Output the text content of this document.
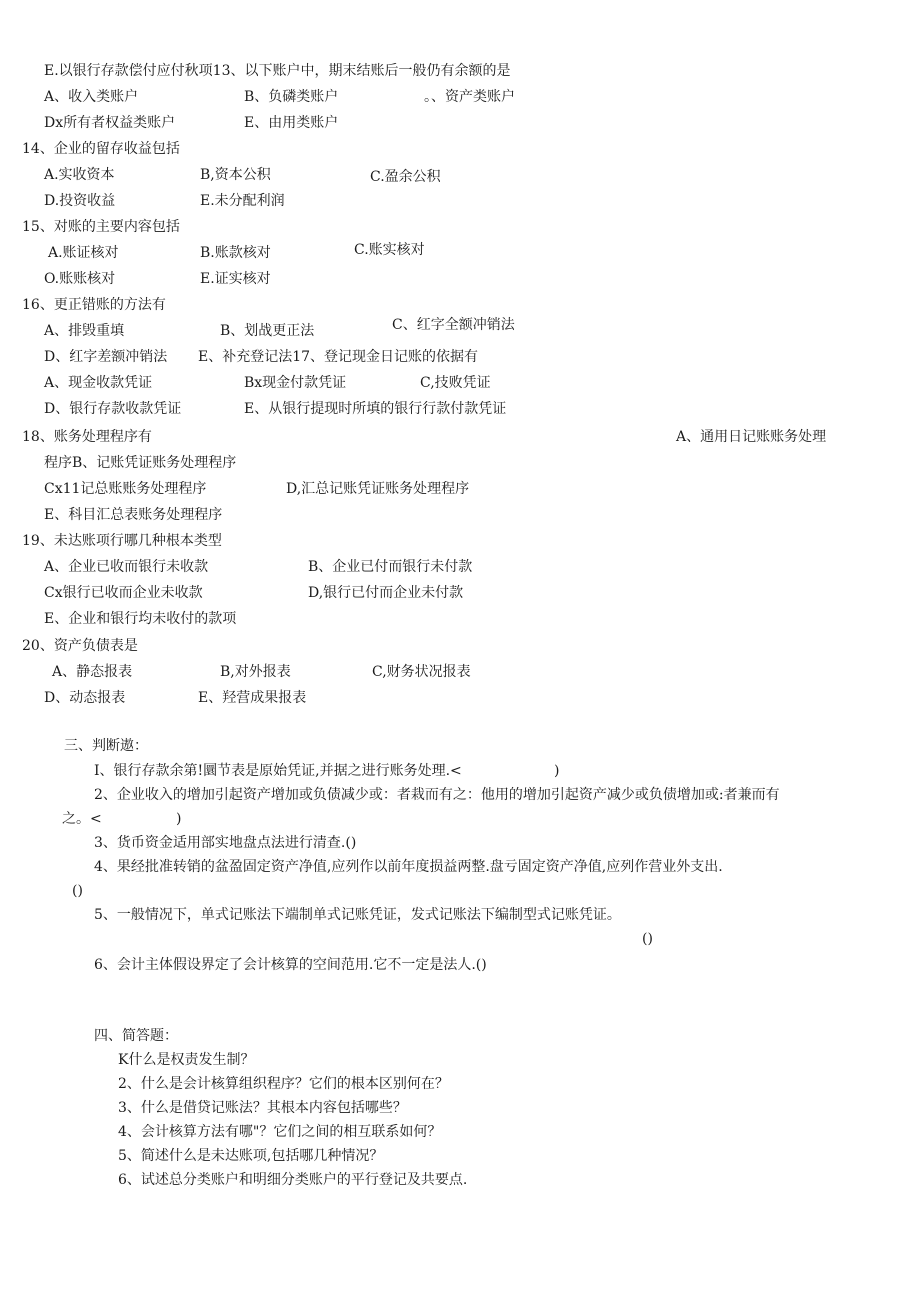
E.以银行存款偿付应付秋项13、以下账户中，期末结账后一般仍有余额的是
A、收入类账户	B、负磷类账户	。、资产类账户
Dx所有者权益类账户	E、由用类账户
14、企业的留存收益包括
A.实收资本	B,资本公积	C.盈余公积
D.投资收益	E.未分配利润
15、对账的主要内容包括
A.账证核对	B.账款核对	C.账实核对
O.账账核对	E.证实核对
16、更正错账的方法有
A、排毁重填	B、划战更正法	C、红字全额冲销法
D、红字差额冲销法 E、补充登记法17、登记现金日记账的依据有
A、现金收款凭证	Bx现金付款凭证	C,技败凭证
D、银行存款收款凭证	E、从银行提现时所填的银行行款付款凭证
18、账务处理程序有	A、通用日记账账务处理
程序B、记账凭证账务处理程序
Cx11记总账账务处理程序	D,汇总记账凭证账务处理程序
E、科目汇总表账务处理程序
19、未达账项行哪几种根本类型
A、企业已收而银行未收款	B、企业已付而银行未付款
Cx银行已收而企业未收款	D,银行已付而企业未付款
E、企业和银行均未收付的款项
20、资产负债表是
A、静态报表	B,对外报表	C,财务状况报表
D、动态报表	E、羟营成果报表
三、判断遨：
I、银行存款余第!圜节表是原始凭证,并据之进行账务处理.<	)
2、企业收入的增加引起资产增加或负债减少或：者栽而有之：他用的增加引起资产减少或负债增加或:者兼而有
之。<	)
3、货币资金适用部实地盘点法进行清查.()
4、果经批准转销的盆盈固定资产净值,应列作以前年度损益两整.盘亏固定资产净值,应列作营业外支出.
()
5、一般情况下，单式记账法下端制单式记账凭证，发式记账法下编制型式记账凭证。
()
6、会计主体假设界定了会计核算的空间范用.它不一定是法人.()
四、简答题：
K什么是权责发生制？
2、什么是会计核算组织程序？它们的根本区别何在？
3、什么是借贷记账法？其根本内容包括哪些？
4、会计核算方法有哪"？它们之间的相互联系如何？
5、简述什么是未达账项,包括哪几种情况？
6、试述总分类账户和明细分类账户的平行登记及共要点.
